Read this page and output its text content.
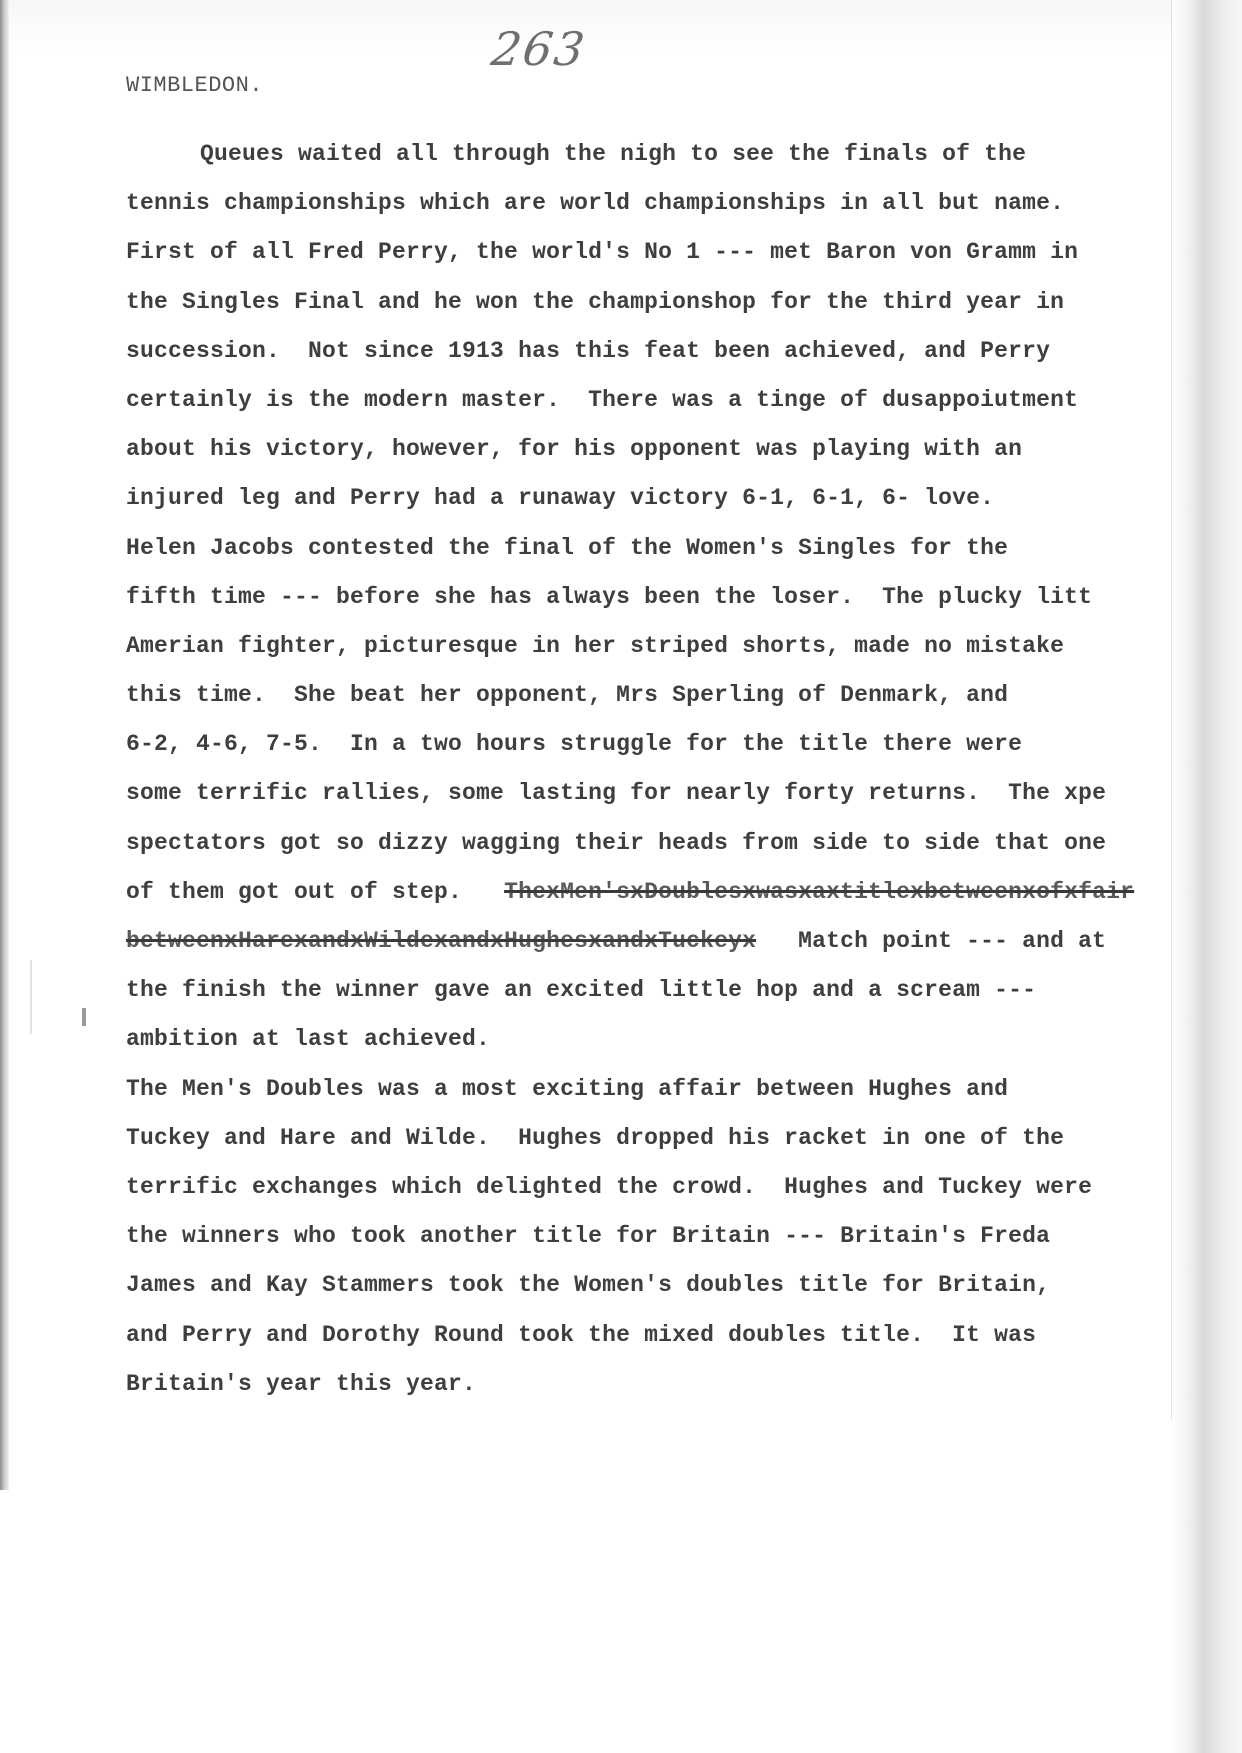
263
WIMBLEDON.
Queues waited all through the nigh to see the finals of the
tennis championships which are world championships in all but name.
First of all Fred Perry, the world's No 1 --- met Baron von Gramm in
the Singles Final and he won the championshop for the third year in
succession.  Not since 1913 has this feat been achieved, and Perry
certainly is the modern master.  There was a tinge of dusappoiutment
about his victory, however, for his opponent was playing with an
injured leg and Perry had a runaway victory 6-1, 6-1, 6- love.
Helen Jacobs contested the final of the Women's Singles for the
fifth time --- before she has always been the loser.  The plucky litt
Amerian fighter, picturesque in her striped shorts, made no mistake
this time.  She beat her opponent, Mrs Sperling of Denmark, and
6-2, 4-6, 7-5.  In a two hours struggle for the title there were
some terrific rallies, some lasting for nearly forty returns.  The xpe
spectators got so dizzy wagging their heads from side to side that one
of them got out of step. ThexMen'sxDoublesxwasxaxtitlexbetweenxofxfair
betweenxHarexandxWildexandxHughesxandxTuckeyx Match point --- and at
the finish the winner gave an excited little hop and a scream ---
ambition at last achieved.
The Men's Doubles was a most exciting affair between Hughes and
Tuckey and Hare and Wilde.  Hughes dropped his racket in one of the
terrific exchanges which delighted the crowd.  Hughes and Tuckey were
the winners who took another title for Britain --- Britain's Freda
James and Kay Stammers took the Women's doubles title for Britain,
and Perry and Dorothy Round took the mixed doubles title.  It was
Britain's year this year.
